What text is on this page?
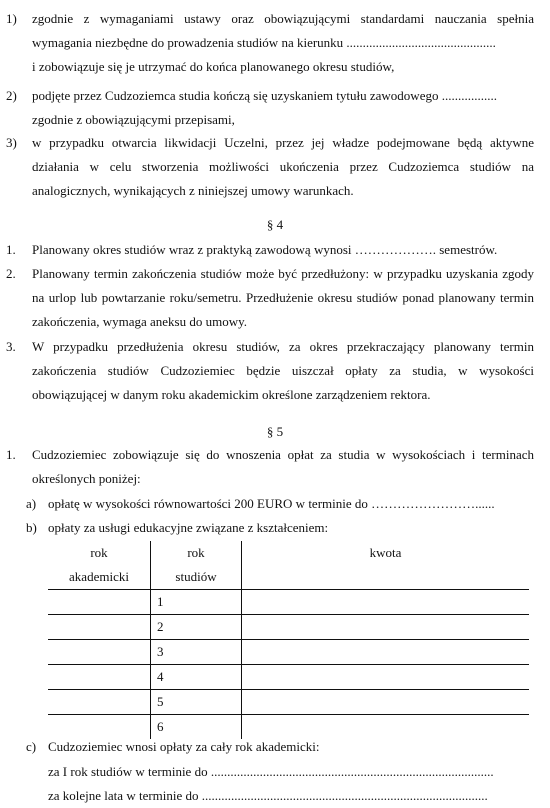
1) zgodnie z wymaganiami ustawy oraz obowiązującymi standardami nauczania spełnia wymagania niezbędne do prowadzenia studiów na kierunku ..............................................
i zobowiązuje się je utrzymać do końca planowanego okresu studiów,
2) podjęte przez Cudzoziemca studia kończą się uzyskaniem tytułu zawodowego .................
zgodnie z obowiązującymi przepisami,
3) w przypadku otwarcia likwidacji Uczelni, przez jej władze podejmowane będą aktywne działania w celu stworzenia możliwości ukończenia przez Cudzoziemca studiów na analogicznych, wynikających z niniejszej umowy warunkach.
§ 4
1. Planowany okres studiów wraz z praktyką zawodową wynosi ………………. semestrów.
2. Planowany termin zakończenia studiów może być przedłużony: w przypadku uzyskania zgody na urlop lub powtarzanie roku/semetru. Przedłużenie okresu studiów ponad planowany termin zakończenia, wymaga aneksu do umowy.
3. W przypadku przedłużenia okresu studiów, za okres przekraczający planowany termin zakończenia studiów Cudzoziemiec będzie uiszczał opłaty za studia, w wysokości obowiązującej w danym roku akademickim określone zarządzeniem rektora.
§ 5
1. Cudzoziemiec zobowiązuje się do wnoszenia opłat za studia w wysokościach i terminach określonych poniżej:
a) opłatę w wysokości równowartości 200 EURO w terminie do ……………………......
b) opłaty za usługi edukacyjne związane z kształceniem:
rok	rok	kwota
akademicki	studiów	
	1	
	2	
	3	
	4	
	5	
	6	
c) Cudzoziemiec wnosi opłaty za cały rok akademicki:
za I rok studiów w terminie do .......................................................................................
za kolejne lata w terminie do ........................................................................................
